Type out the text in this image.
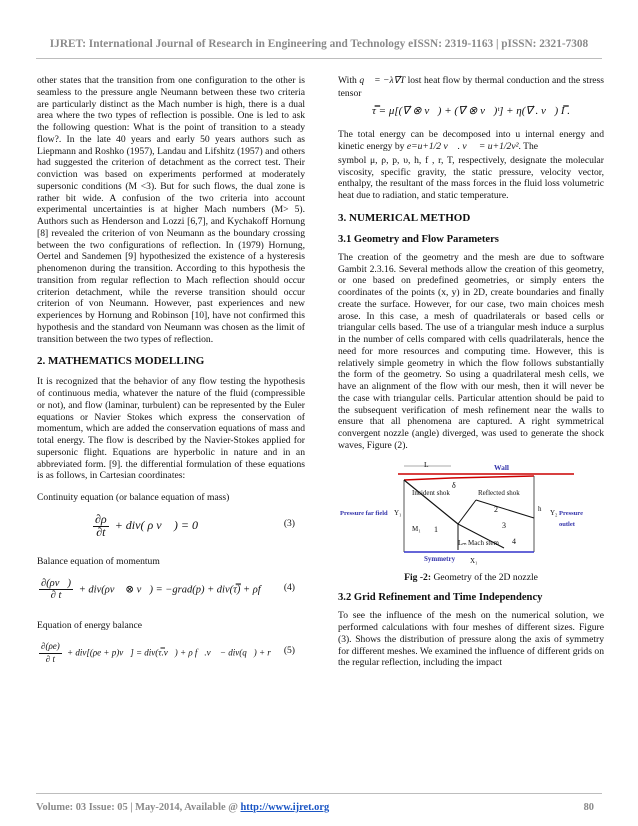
IJRET: International Journal of Research in Engineering and Technology eISSN: 2319-1163 | pISSN: 2321-7308

other states that the transition from one configuration to the other is seamless to the pressure angle Neumann between these two criteria are particularly distinct as the Mach number is high, there is a dual area where the two types of reflection is possible. One is led to ask the following question: What is the point of transition to a steady flow?. In the late 40 years and early 50 years authors such as Liepmann and Roshko (1957), Landau and Lifshitz (1957) and others had suggested the criterion of detachment as the correct test. Their conviction was based on experiments performed at moderately supersonic conditions (M <3). But for such flows, the dual zone is rather bit wide. A confusion of the two criteria into account experimental uncertainties is at higher Mach numbers (M> 5). Authors such as Henderson and Lozzi [6,7], and Kychakoff Hornung [8] revealed the criterion of von Neumann as the boundary crossing between the two configurations of reflection. In (1979) Hornung, Oertel and Sandemen [9] hypothesized the existence of a hysteresis phenomenon during the transition. According to this hypothesis the transition from regular reflection to Mach reflection should occur criterion detachment, while the reverse transition should occur criterion of von Neumann. However, past experiences and new experiences by Hornung and Robinson [10], have not confirmed this hypothesis and the standard von Neumann was chosen as the limit of transition between the two types of reflection.

2. MATHEMATICS MODELLING

It is recognized that the behavior of any flow testing the hypothesis of continuous media, whatever the nature of the fluid (compressible or not), and flow (laminar, turbulent) can be represented by the Euler equations or Navier Stokes which express the conservation of momentum, which are added the conservation equations of mass and total energy. The flow is described by the Navier-Stokes applied for supersonic flight. Equations are hyperbolic in nature and in an abbreviated form. [9]. the differential formulation of these equations is as follows, in Cartesian coordinates:

Continuity equation (or balance equation of mass)

$\frac{\partial\rho}{\partial t} + div$( ρ v⃗ ) = 0	(3)

Balance equation of momentum

$\frac{\partial(\rho v⃗)}{\partial t}$ + div(ρv⃗ ⊗ v⃗) = −grad(p) + div(τ̿) + ρf⃗ (4)

Equation of energy balance

$\frac{\partial(\rho e)}{\partial t} + div[(\rho e$ + p)v⃗] = div(τ̿.v⃗) + ρ f⃗.v⃗ − div(q⃗) + r (5)

With q⃗ = −λ∇⃗T lost heat flow by thermal conduction and the stress tensor

τ̿ = μ[(∇⃗ ⊗ v⃗) + (∇⃗ ⊗ v⃗)ᵗ] + η(∇⃗ . v⃗) I̿ .

The total energy can be decomposed into u internal energy and kinetic energy by e=u+1/2 v⃗ . v⃗  = u+1/2v². The

symbol μ, ρ, p, υ, h, f , r, T, respectively, designate the molecular viscosity, specific gravity, the static pressure, velocity vector, enthalpy, the resultant of the mass forces in the fluid loss volumetric heat due to radiation, and static temperature.

3. NUMERICAL METHOD
3.1 Geometry and Flow Parameters

The creation of the geometry and the mesh are due to software Gambit 2.3.16. Several methods allow the creation of this geometry, or one based on predefined geometries, or simply enters the coordinates of the points (x, y) in 2D, create boundaries and finally create the surface. However, for our case, two main choices mesh arose. In this case, a mesh of quadrilaterals or based cells or triangular cells based. The use of a triangular mesh induce a surplus in the number of cells compared with cells quadrilaterals, hence the need for more resources and computing time. However, this is relatively simple geometry in which the flow follows substantially the form of the geometry. So using a quadrilateral mesh cells, we have an alignment of the flow with our mesh, then it will never be the case with triangular cells. Particular attention should be paid to the subsequent verification of mesh refinement near the walls to ensure that all phenomena are captured. A right symmetrical convergent nozzle (angle) diverged, was used to generate the shock waves, Figure (2).

L	Wall
δ
Incident shok	Reflected shok
Pressure far field Y₁
M₁ 1
2
3
4
h Y₂ Pressure outlet
Lₘ Mach stem
Symmetry X₁
Fig -2: Geometry of the 2D nozzle
3.2 Grid Refinement and Time Independency

To see the influence of the mesh on the numerical solution, we performed calculations with four meshes of different sizes. Figure (3). Shows the distribution of pressure along the axis of symmetry for different meshes. We examined the influence of different grids on the regular reflection, including the impact

Volume: 03 Issue: 05 | May-2014, Available @ http://www.ijret.org	80
